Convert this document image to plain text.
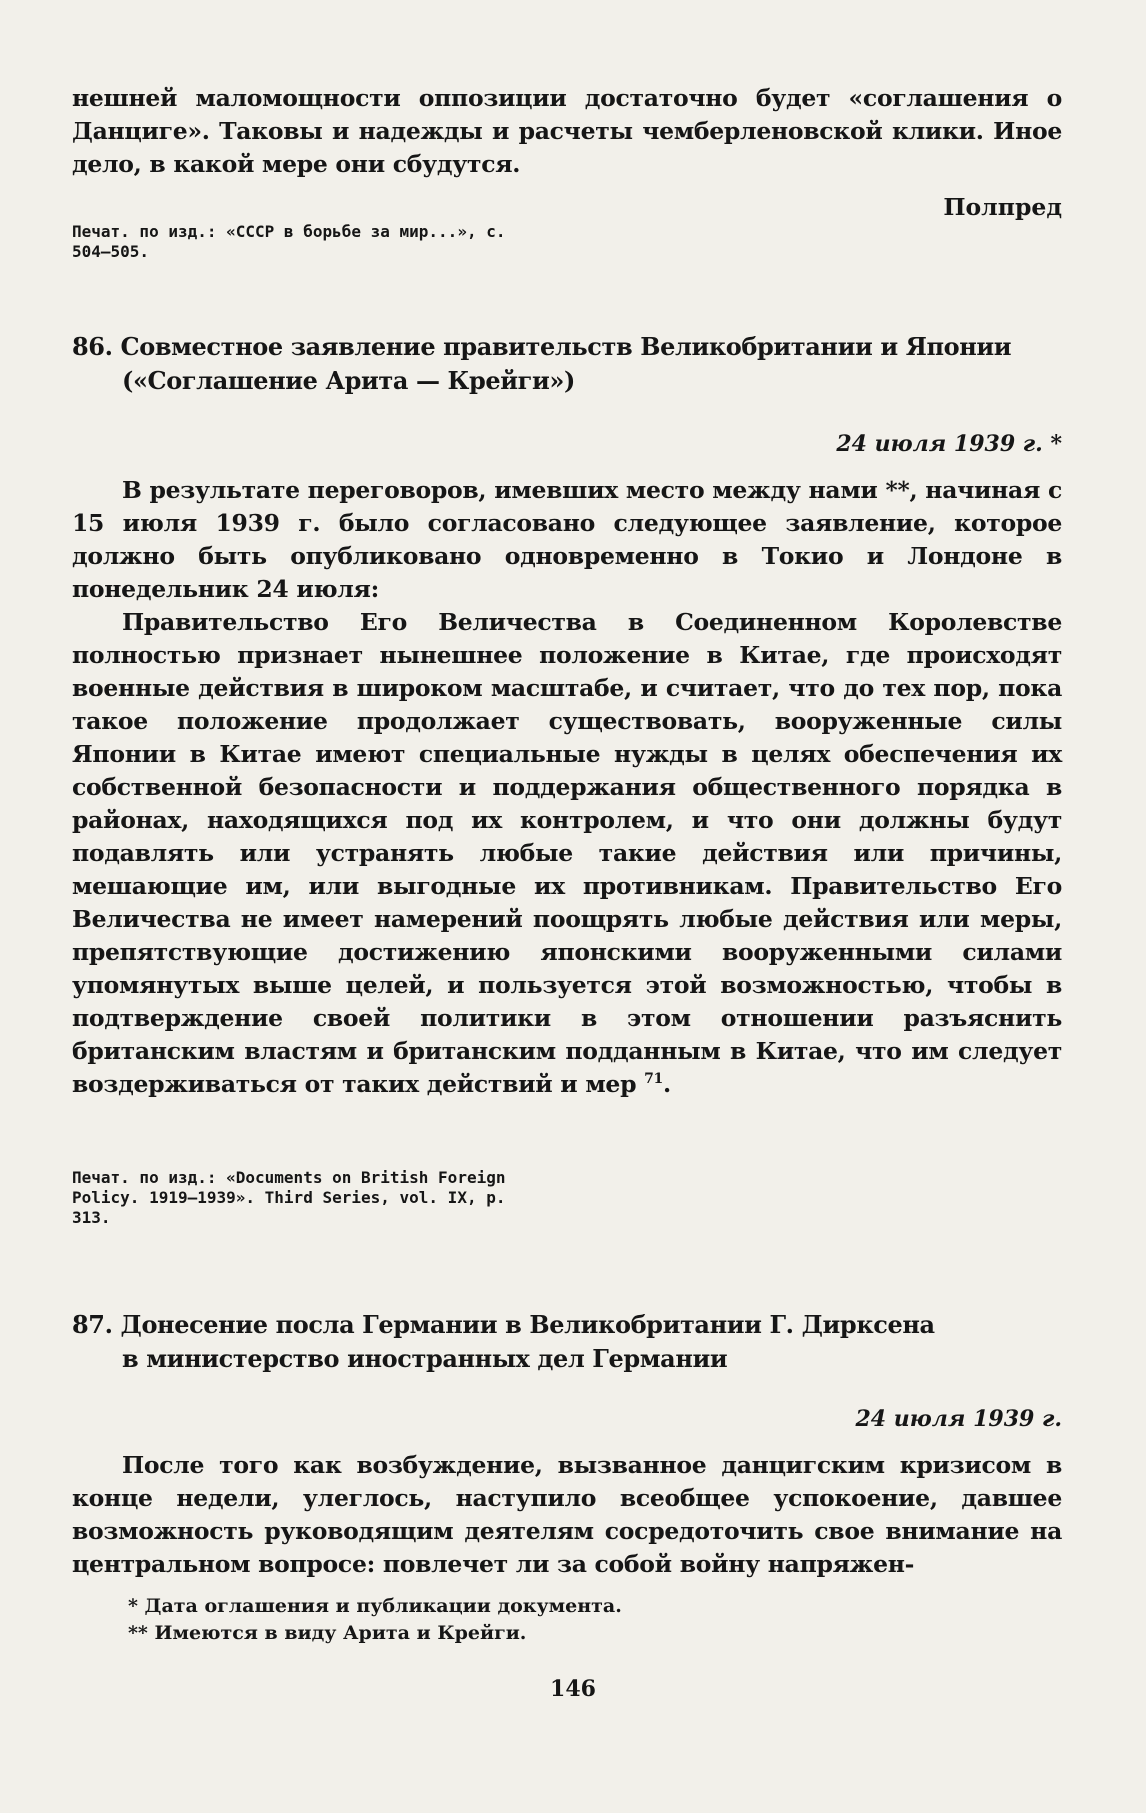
нешней маломощности оппозиции достаточно будет «соглашения о Данциге». Таковы и надежды и расчеты чемберленовской клики. Иное дело, в какой мере они сбудутся.
Полпред
Печат. по изд.: «СССР в борьбе за мир...», с. 504—505.
86. Совместное заявление правительств Великобритании и Японии
(«Соглашение Арита — Крейги»)
24 июля 1939 г. *
В результате переговоров, имевших место между нами **, начиная с 15 июля 1939 г. было согласовано следующее заявление, которое должно быть опубликовано одновременно в Токио и Лондоне в понедельник 24 июля:
Правительство Его Величества в Соединенном Королевстве полностью признает нынешнее положение в Китае, где происходят военные действия в широком масштабе, и считает, что до тех пор, пока такое положение продолжает существовать, вооруженные силы Японии в Китае имеют специальные нужды в целях обеспечения их собственной безопасности и поддержания общественного порядка в районах, находящихся под их контролем, и что они должны будут подавлять или устранять любые такие действия или причины, мешающие им, или выгодные их противникам. Правительство Его Величества не имеет намерений поощрять любые действия или меры, препятствующие достижению японскими вооруженными силами упомянутых выше целей, и пользуется этой возможностью, чтобы в подтверждение своей политики в этом отношении разъяснить британским властям и британским подданным в Китае, что им следует воздерживаться от таких действий и мер $^{71}$.
Печат. по изд.: «Documents on British Foreign Policy. 1919—1939». Third Series, vol. IX, p. 313.
87. Донесение посла Германии в Великобритании Г. Дирксена
в министерство иностранных дел Германии
24 июля 1939 г.
После того как возбуждение, вызванное данцигским кризисом в конце недели, улеглось, наступило всеобщее успокоение, давшее возможность руководящим деятелям сосредоточить свое внимание на центральном вопросе: повлечет ли за собой войну напряжен-
* Дата оглашения и публикации документа.
** Имеются в виду Арита и Крейги.
146
